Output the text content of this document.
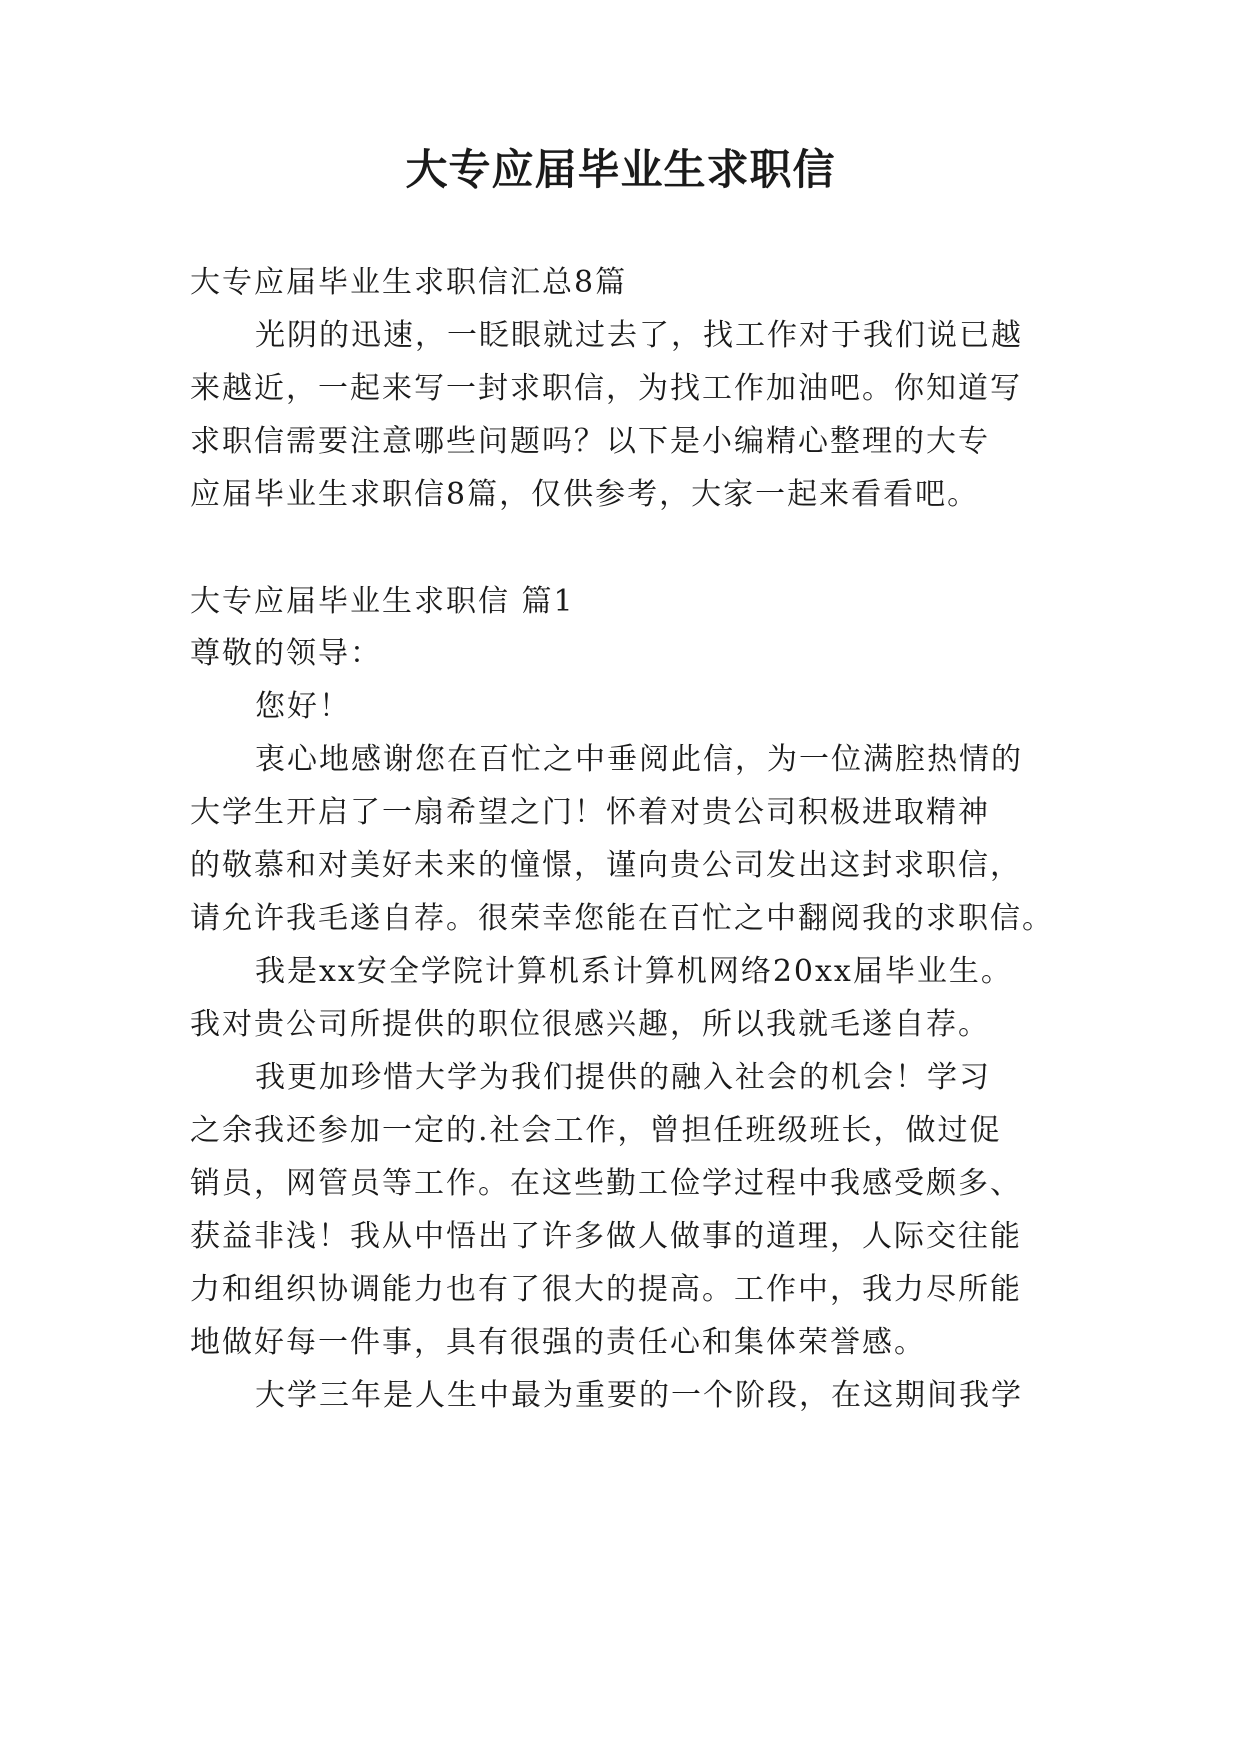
大专应届毕业生求职信
大专应届毕业生求职信汇总8篇
光阴的迅速，一眨眼就过去了，找工作对于我们说已越
来越近，一起来写一封求职信，为找工作加油吧。你知道写
求职信需要注意哪些问题吗？以下是小编精心整理的大专
应届毕业生求职信8篇，仅供参考，大家一起来看看吧。
大专应届毕业生求职信 篇1
尊敬的领导：
您好！
衷心地感谢您在百忙之中垂阅此信，为一位满腔热情的
大学生开启了一扇希望之门！怀着对贵公司积极进取精神
的敬慕和对美好未来的憧憬，谨向贵公司发出这封求职信，
请允许我毛遂自荐。很荣幸您能在百忙之中翻阅我的求职信。
我是xx安全学院计算机系计算机网络20xx届毕业生。
我对贵公司所提供的职位很感兴趣，所以我就毛遂自荐。
我更加珍惜大学为我们提供的融入社会的机会！学习
之余我还参加一定的.社会工作，曾担任班级班长，做过促
销员，网管员等工作。在这些勤工俭学过程中我感受颇多、
获益非浅！我从中悟出了许多做人做事的道理，人际交往能
力和组织协调能力也有了很大的提高。工作中，我力尽所能
地做好每一件事，具有很强的责任心和集体荣誉感。
大学三年是人生中最为重要的一个阶段，在这期间我学
